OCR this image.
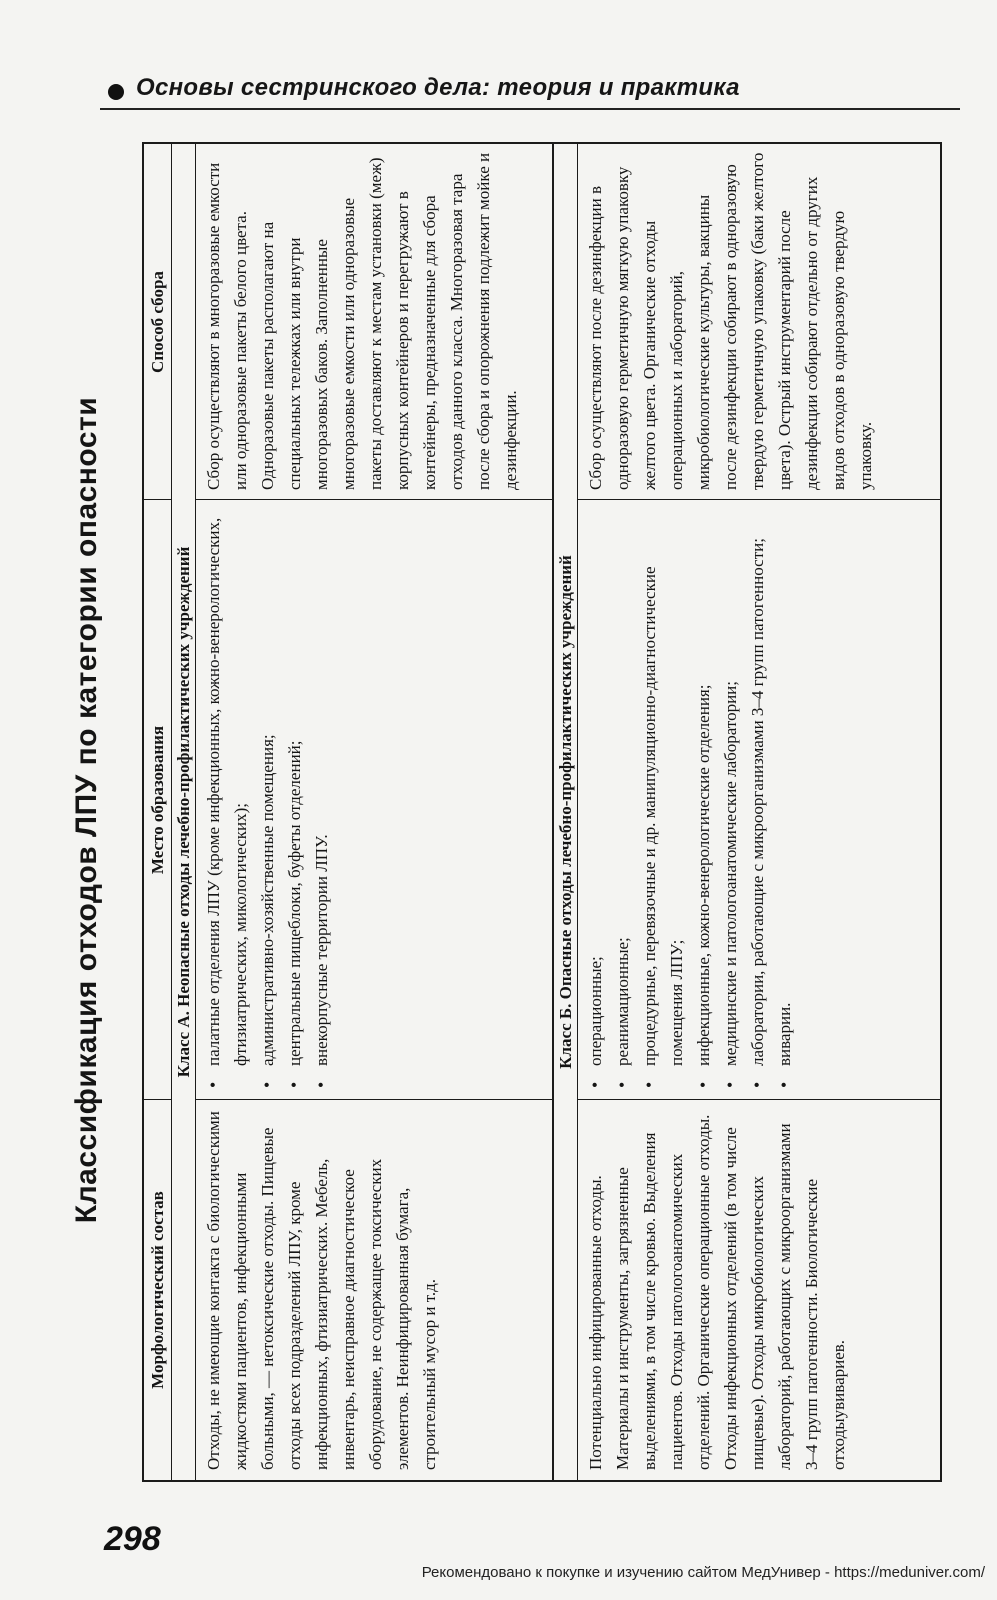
Основы сестринского дела: теория и практика
Классификация отходов ЛПУ по категории опасности
Морфологический состав
Место образования
Способ сбора
Класс А. Неопасные отходы лечебно-профилактических учреждений

Отходы, не имеющие контакта с биологическими жидкостями пациентов, инфекционными больными, — нетоксические отходы. Пищевые отходы всех подразделений ЛПУ, кроме инфекционных, фтизиатрических. Мебель, инвентарь, неисправное диагностическое оборудование, не содержащее токсических элементов. Неинфицированная бумага, строительный мусор и т.д.

• палатные отделения ЛПУ (кроме инфекционных, кожно-венерологических, фтизиатрических, микологических); • административно-хозяйственные помещения; • центральные пищеблоки, буфеты отделений; • внекорпусные территории ЛПУ.

Сбор осуществляют в многоразовые емкости или одноразовые пакеты белого цвета. Одноразовые пакеты располагают на специальных тележках или внутри многоразовых баков. Заполненные многоразовые емкости или одноразовые пакеты доставляют к местам установки (меж) корпусных контейнеров и перегружают в контейнеры, предназначенные для сбора отходов данного класса. Многоразовая тара после сбора и опорожнения подлежит мойке и дезинфекции.

Класс Б. Опасные отходы лечебно-профилактических учреждений

Потенциально инфицированные отходы. Материалы и инструменты, загрязненные выделениями, в том числе кровью. Выделения пациентов. Отходы патологоанатомических отделений. Органические операционные отходы. Отходы инфекционных отделений (в том числе пищевые). Отходы микробиологических лабораторий, работающих с микроорганизмами 3–4 групп патогенности. Биологические отходыувивариев.

• операционные; • реанимационные; • процедурные, перевязочные и др. манипуляционно-диагностические помещения ЛПУ; • инфекционные, кожно-венерологические отделения; • медицинские и патологоанатомические лаборатории; • лаборатории, работающие с микроорганизмами 3–4 групп патогенности; • виварии.

Сбор осуществляют после дезинфекции в одноразовую герметичную мягкую упаковку желтого цвета. Органические отходы операционных и лабораторий, микробиологические культуры, вакцины после дезинфекции собирают в одноразовую твердую герметичную упаковку (баки желтого цвета). Острый инструментарий после дезинфекции собирают отдельно от других видов отходов в одноразовую твердую упаковку.

298
Рекомендовано к покупке и изучению сайтом МедУнивер - https://meduniver.com/
